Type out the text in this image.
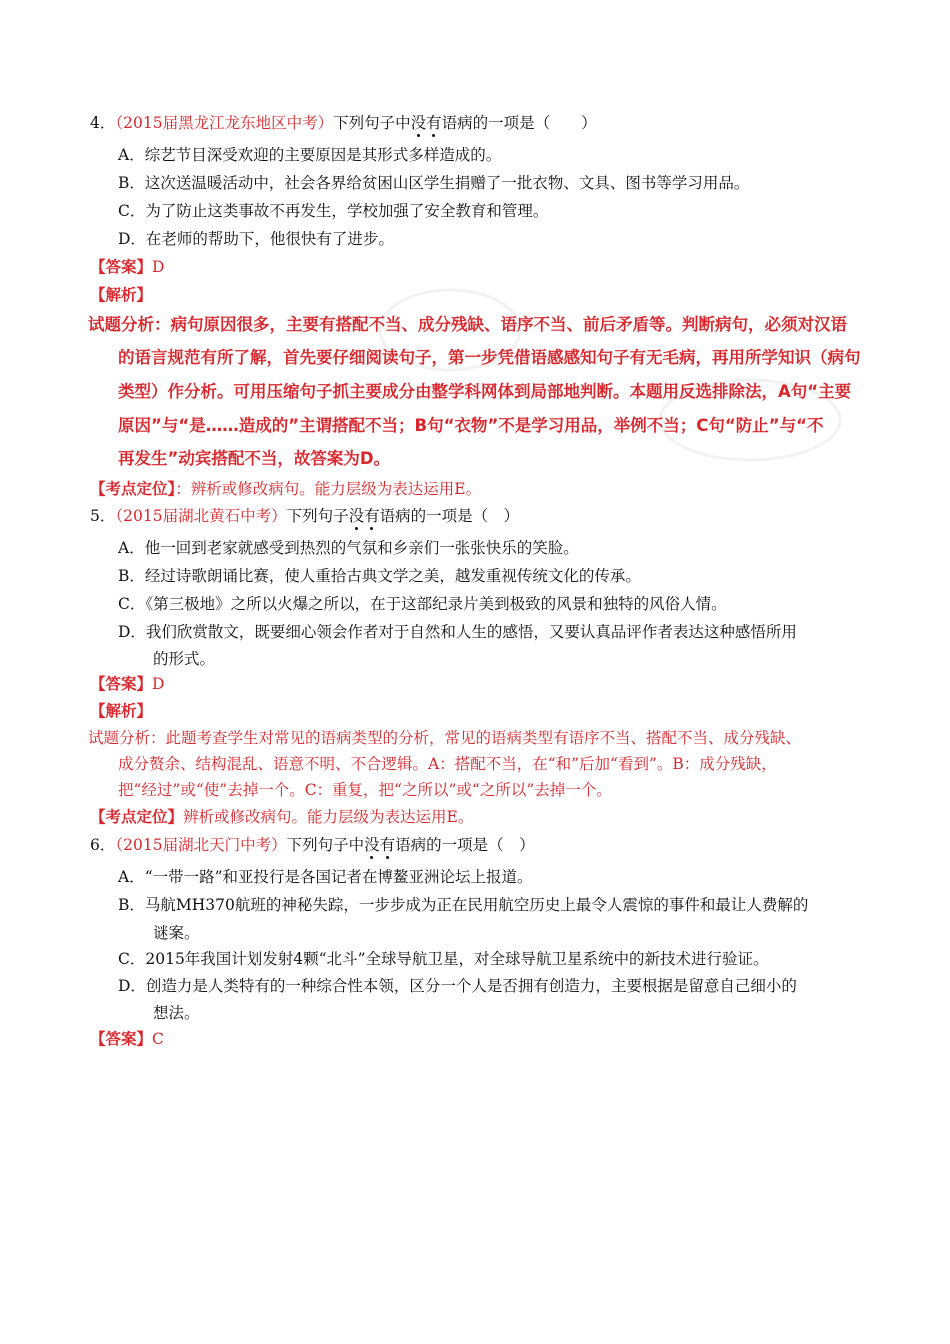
4．（2015届黑龙江龙东地区中考）下列句子中没有语病的一项是（　　）
A．综艺节目深受欢迎的主要原因是其形式多样造成的。
B．这次送温暖活动中，社会各界给贫困山区学生捐赠了一批衣物、文具、图书等学习用品。
C．为了防止这类事故不再发生，学校加强了安全教育和管理。
D．在老师的帮助下，他很快有了进步。
【答案】D
【解析】
试题分析：病句原因很多，主要有搭配不当、成分残缺、语序不当、前后矛盾等。判断病句，必须对汉语
的语言规范有所了解，首先要仔细阅读句子，第一步凭借语感感知句子有无毛病，再用所学知识（病句
类型）作分析。可用压缩句子抓主要成分由整学科网体到局部地判断。本题用反选排除法，A句“主要
原因”与“是……造成的”主谓搭配不当；B句“衣物”不是学习用品，举例不当；C句“防止”与“不
再发生”动宾搭配不当，故答案为D。
【考点定位】：辨析或修改病句。能力层级为表达运用E。
5．（2015届湖北黄石中考）下列句子没有语病的一项是（　）
A．他一回到老家就感受到热烈的气氛和乡亲们一张张快乐的笑脸。
B．经过诗歌朗诵比赛，使人重拾古典文学之美，越发重视传统文化的传承。
C．《第三极地》之所以火爆之所以，在于这部纪录片美到极致的风景和独特的风俗人情。
D．我们欣赏散文，既要细心领会作者对于自然和人生的感悟，又要认真品评作者表达这种感悟所用
的形式。
【答案】D
【解析】
试题分析：此题考查学生对常见的语病类型的分析，常见的语病类型有语序不当、搭配不当、成分残缺、
成分赘余、结构混乱、语意不明、不合逻辑。A：搭配不当，在“和”后加“看到”。B：成分残缺，
把“经过”或“使”去掉一个。C：重复，把“之所以”或“之所以”去掉一个。
【考点定位】辨析或修改病句。能力层级为表达运用E。
6．（2015届湖北天门中考）下列句子中没有语病的一项是（　）
A．“一带一路”和亚投行是各国记者在博鳌亚洲论坛上报道。
B．马航MH370航班的神秘失踪，一步步成为正在民用航空历史上最令人震惊的事件和最让人费解的
谜案。
C．2015年我国计划发射4颗“北斗”全球导航卫星，对全球导航卫星系统中的新技术进行验证。
D．创造力是人类特有的一种综合性本领，区分一个人是否拥有创造力，主要根据是留意自己细小的
想法。
【答案】C
